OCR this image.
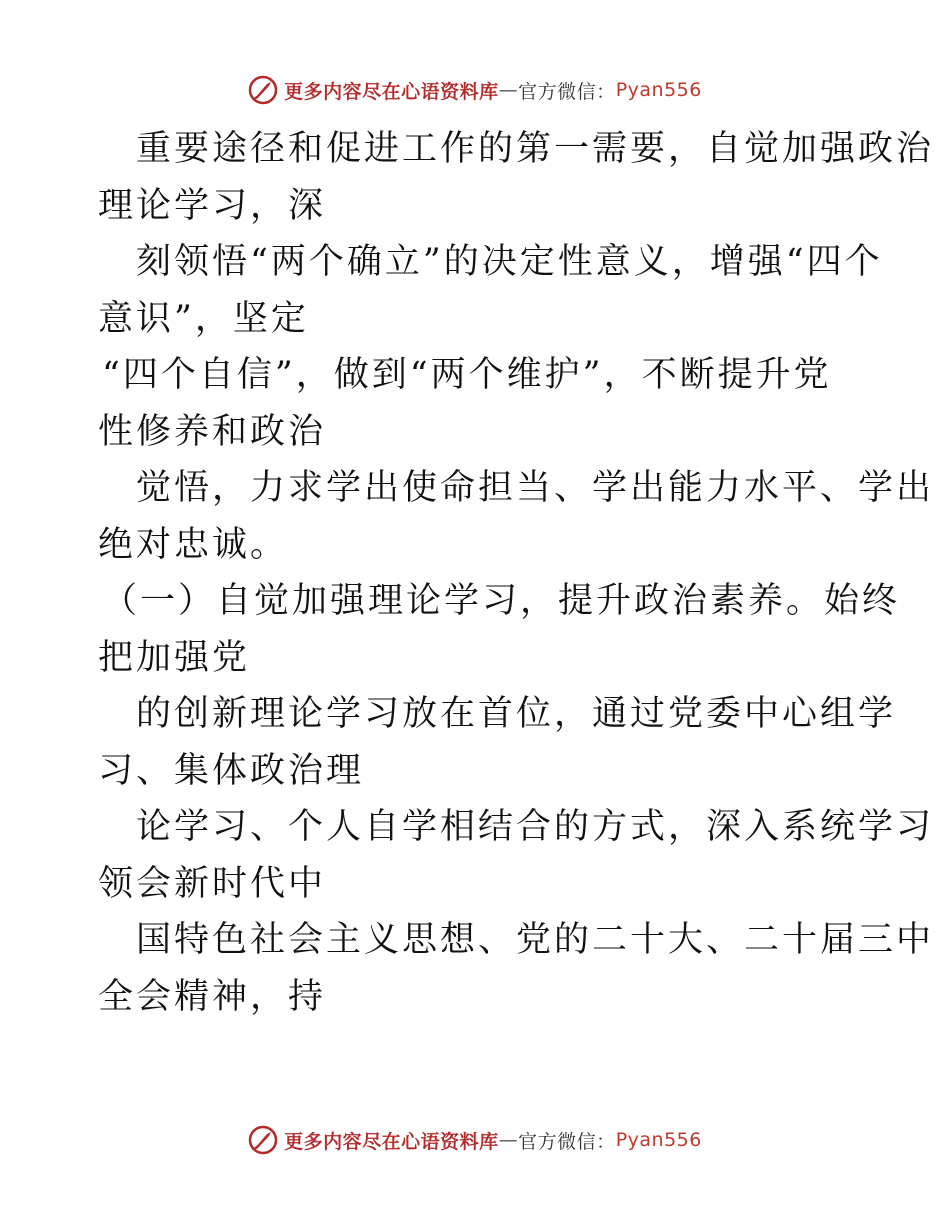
更多内容尽在心语资料库 — 官方微信： Pyan556
重要途径和促进工作的第一需要，自觉加强政治
理论学习，深
刻领悟“两个确立”的决定性意义，增强“四个
意识”，坚定
“四个自信”，做到“两个维护”，不断提升党
性修养和政治
觉悟，力求学出使命担当、学出能力水平、学出
绝对忠诚。
（一）自觉加强理论学习，提升政治素养。始终
把加强党
的创新理论学习放在首位，通过党委中心组学
习、集体政治理
论学习、个人自学相结合的方式，深入系统学习
领会新时代中
国特色社会主义思想、党的二十大、二十届三中
全会精神，持
更多内容尽在心语资料库 — 官方微信： Pyan556
